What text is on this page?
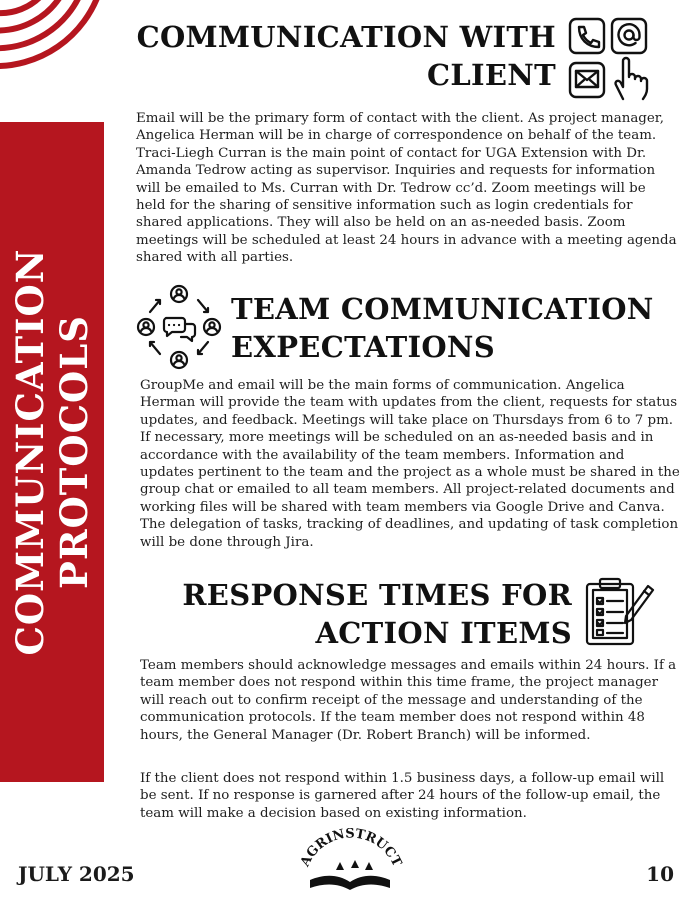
COMMUNICATION PROTOCOLS
COMMUNICATION WITH
CLIENT
Email will be the primary form of contact with the client. As project manager, Angelica Herman will be in charge of correspondence on behalf of the team. Traci-Liegh Curran is the main point of contact for UGA Extension with Dr. Amanda Tedrow acting as supervisor. Inquiries and requests for information will be emailed to Ms. Curran with Dr. Tedrow cc’d. Zoom meetings will be held for the sharing of sensitive information such as login credentials for shared applications. They will also be held on an as-needed basis. Zoom meetings will be scheduled at least 24 hours in advance with a meeting agenda shared with all parties.
TEAM COMMUNICATION
EXPECTATIONS
GroupMe and email will be the main forms of communication. Angelica Herman will provide the team with updates from the client, requests for status updates, and feedback. Meetings will take place on Thursdays from 6 to 7 pm. If necessary, more meetings will be scheduled on an as-needed basis and in accordance with the availability of the team members. Information and updates pertinent to the team and the project as a whole must be shared in the group chat or emailed to all team members. All project-related documents and working files will be shared with team members via Google Drive and Canva. The delegation of tasks, tracking of deadlines, and updating of task completion will be done through Jira.
RESPONSE TIMES FOR
ACTION ITEMS
Team members should acknowledge messages and emails within 24 hours. If a team member does not respond within this time frame, the project manager will reach out to confirm receipt of the message and understanding of the communication protocols. If the team member does not respond within 48 hours, the General Manager (Dr. Robert Branch) will be informed.
If the client does not respond within 1.5 business days, a follow-up email will be sent. If no response is garnered after 24 hours of the follow-up email, the team will make a decision based on existing information.
JULY 2025
AGRINSTRUCT
10
